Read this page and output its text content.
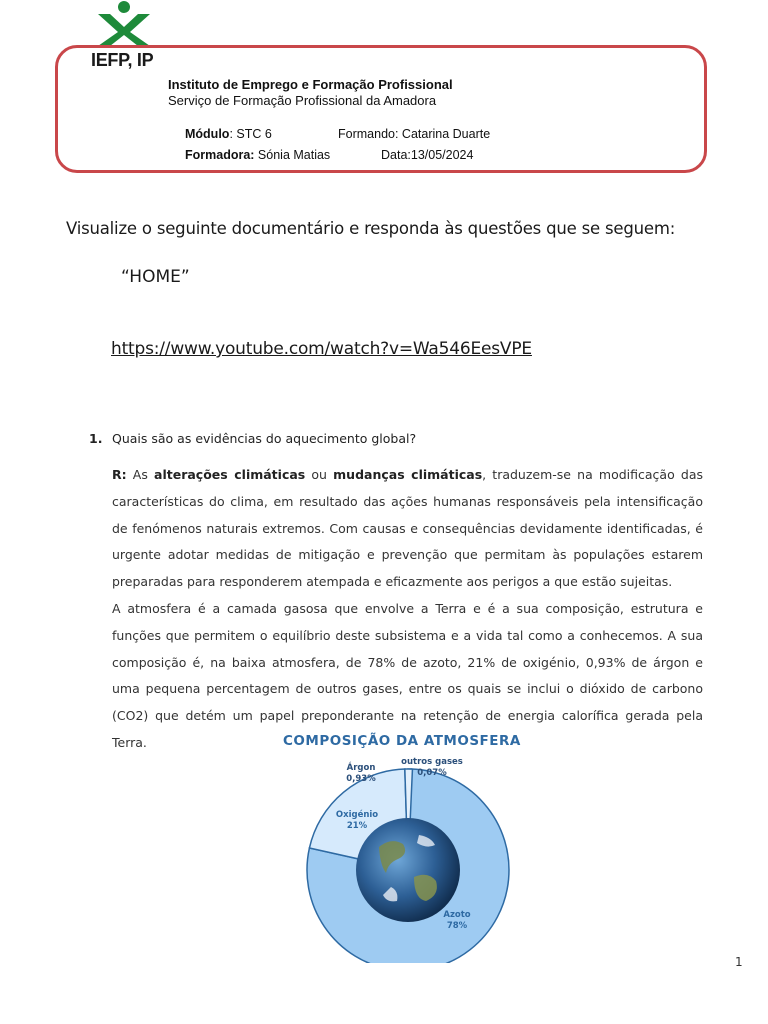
IEFP, IP
Instituto de Emprego e Formação Profissional
Serviço de Formação Profissional da Amadora
Módulo: STC 6	Formando: Catarina Duarte
Formadora: Sónia Matias	Data:13/05/2024
Visualize o seguinte documentário e responda às questões que se seguem:
“HOME”
https://www.youtube.com/watch?v=Wa546EesVPE
1. Quais são as evidências do aquecimento global?

R: As alterações climáticas ou mudanças climáticas, traduzem-se na modificação das características do clima, em resultado das ações humanas responsáveis pela intensificação de fenómenos naturais extremos. Com causas e consequências devidamente identificadas, é urgente adotar medidas de mitigação e prevenção que permitam às populações estarem preparadas para responderem atempada e eficazmente aos perigos a que estão sujeitas.

A atmosfera é a camada gasosa que envolve a Terra e é a sua composição, estrutura e funções que permitem o equilíbrio deste subsistema e a vida tal como a conhecemos. A sua composição é, na baixa atmosfera, de 78% de azoto, 21% de oxigénio, 0,93% de árgon e uma pequena percentagem de outros gases, entre os quais se inclui o dióxido de carbono (CO2) que detém um papel preponderante na retenção de energia calorífica gerada pela Terra.	COMPOSIÇÃO DA ATMOSFERA
Azoto
78%
Oxigénio
21%
Árgon
0,93%
outros gases
0,07%
1
